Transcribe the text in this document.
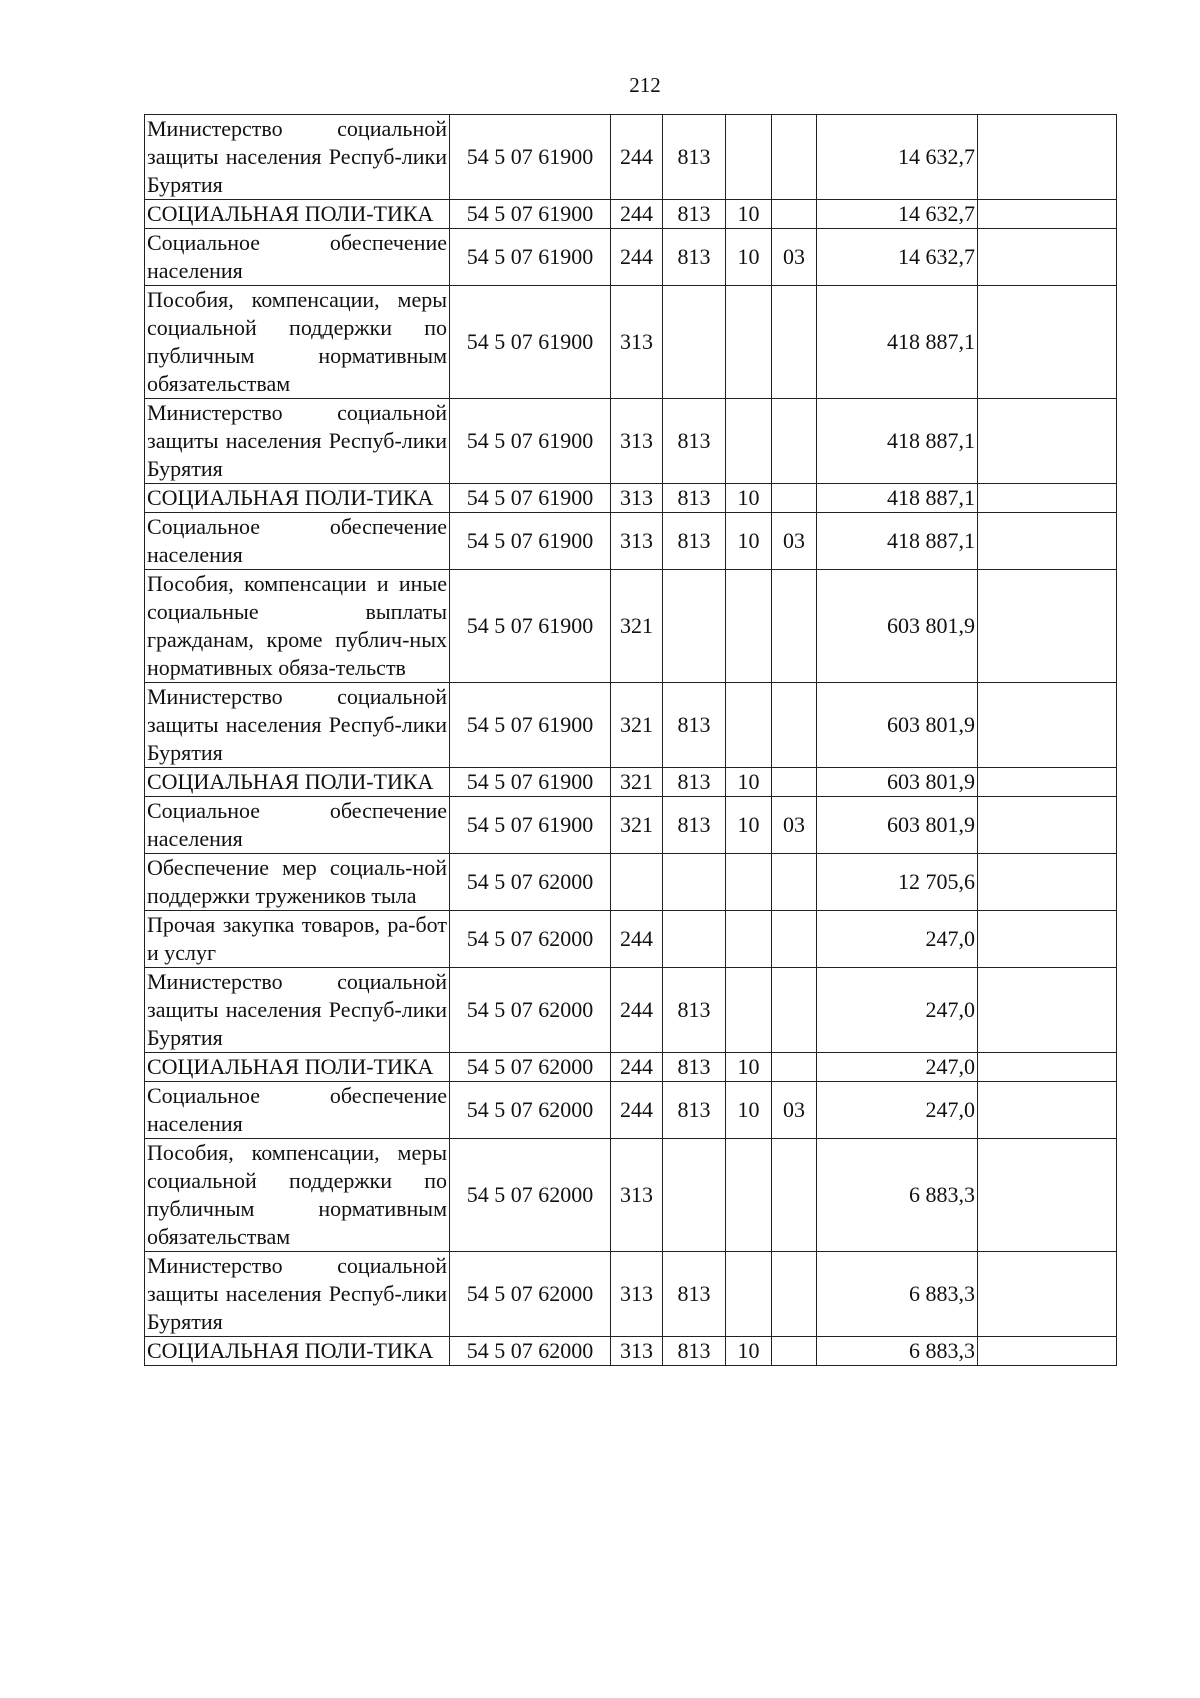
212
Министерство социальной защиты населения Респуб-лики Бурятия	54 5 07 61900	244	813			14 632,7	
СОЦИАЛЬНАЯ ПОЛИ-ТИКА	54 5 07 61900	244	813	10		14 632,7	
Социальное обеспечение населения	54 5 07 61900	244	813	10	03	14 632,7	
Пособия, компенсации, меры социальной поддержки по публичным нормативным обязательствам	54 5 07 61900	313				418 887,1	
Министерство социальной защиты населения Респуб-лики Бурятия	54 5 07 61900	313	813			418 887,1	
СОЦИАЛЬНАЯ ПОЛИ-ТИКА	54 5 07 61900	313	813	10		418 887,1	
Социальное обеспечение населения	54 5 07 61900	313	813	10	03	418 887,1	
Пособия, компенсации и иные социальные выплаты гражданам, кроме публич-ных нормативных обяза-тельств	54 5 07 61900	321				603 801,9	
Министерство социальной защиты населения Респуб-лики Бурятия	54 5 07 61900	321	813			603 801,9	
СОЦИАЛЬНАЯ ПОЛИ-ТИКА	54 5 07 61900	321	813	10		603 801,9	
Социальное обеспечение населения	54 5 07 61900	321	813	10	03	603 801,9	
Обеспечение мер социаль-ной поддержки тружеников тыла	54 5 07 62000					12 705,6	
Прочая закупка товаров, ра-бот и услуг	54 5 07 62000	244				247,0	
Министерство социальной защиты населения Респуб-лики Бурятия	54 5 07 62000	244	813			247,0	
СОЦИАЛЬНАЯ ПОЛИ-ТИКА	54 5 07 62000	244	813	10		247,0	
Социальное обеспечение населения	54 5 07 62000	244	813	10	03	247,0	
Пособия, компенсации, меры социальной поддержки по публичным нормативным обязательствам	54 5 07 62000	313				6 883,3	
Министерство социальной защиты населения Респуб-лики Бурятия	54 5 07 62000	313	813			6 883,3	
СОЦИАЛЬНАЯ ПОЛИ-ТИКА	54 5 07 62000	313	813	10		6 883,3	
